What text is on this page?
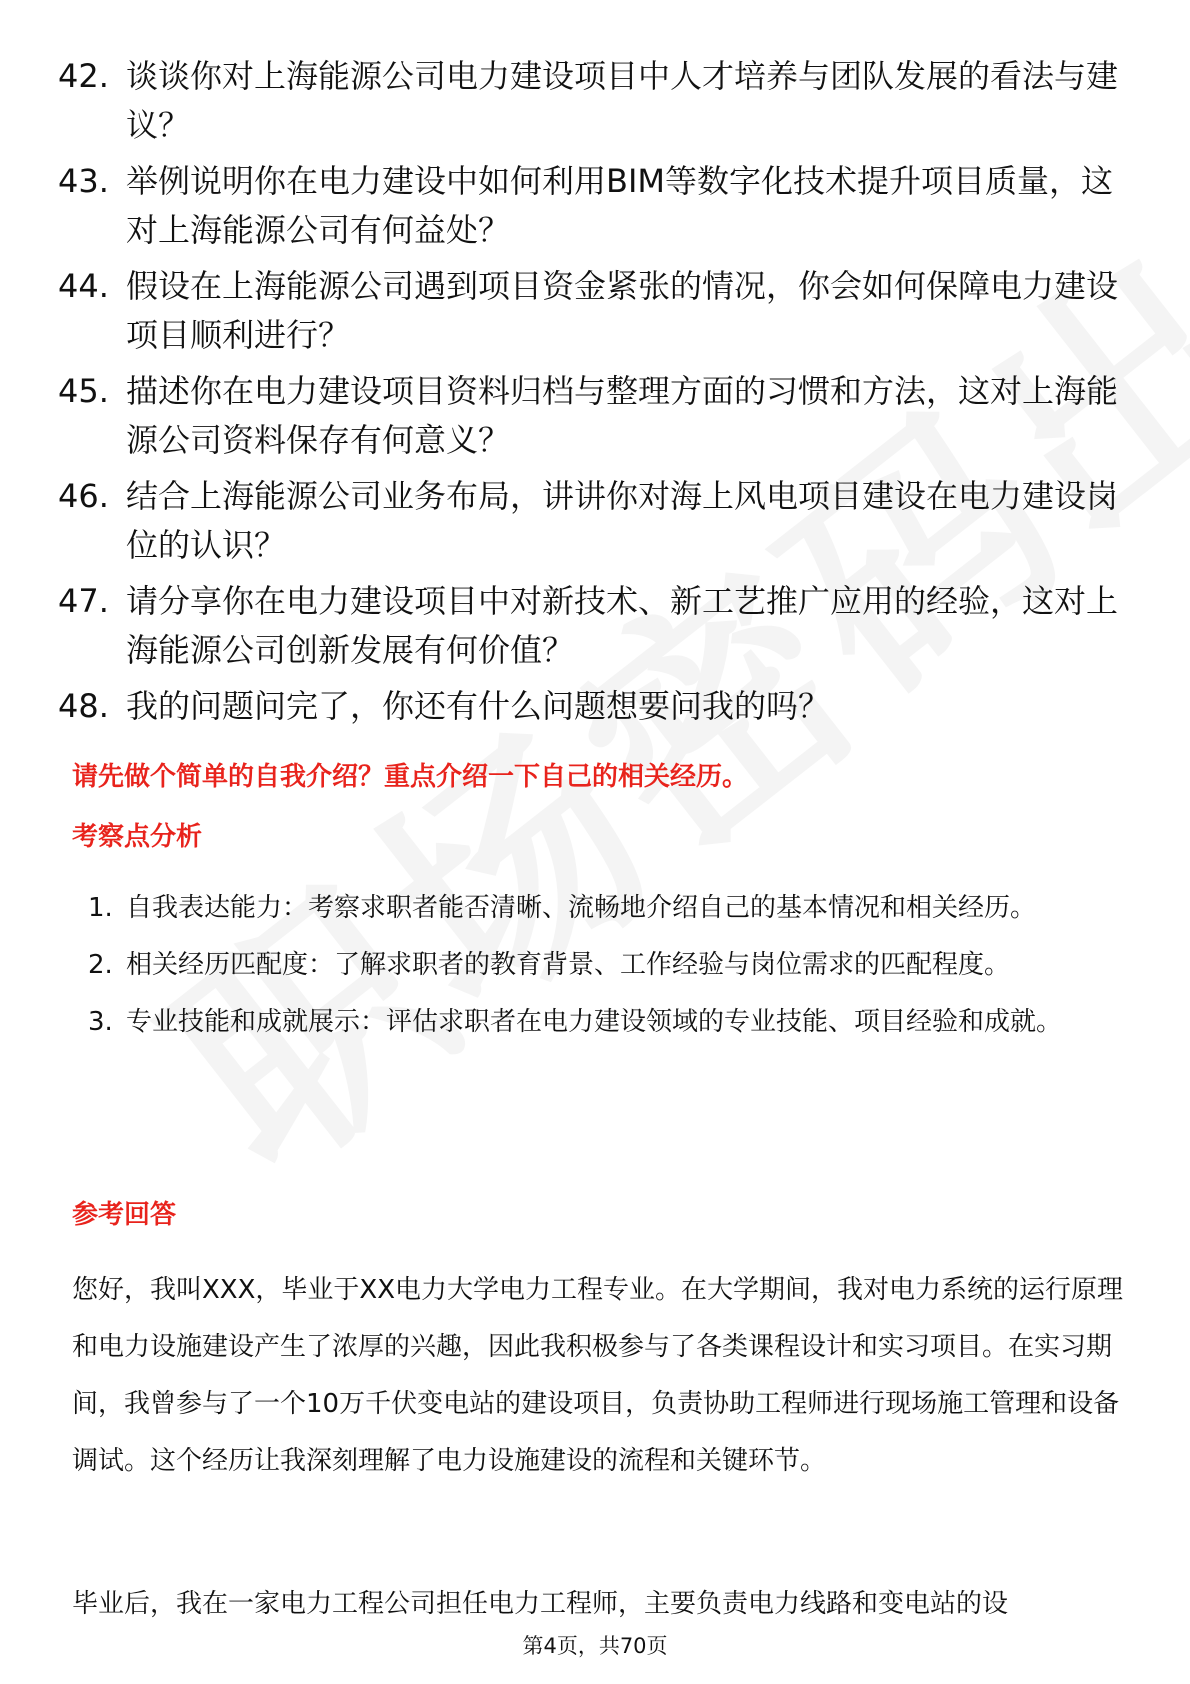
42. 谈谈你对上海能源公司电力建设项目中人才培养与团队发展的看法与建议？
43. 举例说明你在电力建设中如何利用BIM等数字化技术提升项目质量，这对上海能源公司有何益处？
44. 假设在上海能源公司遇到项目资金紧张的情况，你会如何保障电力建设项目顺利进行？
45. 描述你在电力建设项目资料归档与整理方面的习惯和方法，这对上海能源公司资料保存有何意义？
46. 结合上海能源公司业务布局，讲讲你对海上风电项目建设在电力建设岗位的认识？
47. 请分享你在电力建设项目中对新技术、新工艺推广应用的经验，这对上海能源公司创新发展有何价值？
48. 我的问题问完了，你还有什么问题想要问我的吗？
请先做个简单的自我介绍？重点介绍一下自己的相关经历。
考察点分析
1. 自我表达能力：考察求职者能否清晰、流畅地介绍自己的基本情况和相关经历。
2. 相关经历匹配度：了解求职者的教育背景、工作经验与岗位需求的匹配程度。
3. 专业技能和成就展示：评估求职者在电力建设领域的专业技能、项目经验和成就。
参考回答

您好，我叫XXX，毕业于XX电力大学电力工程专业。在大学期间，我对电力系统的运行原理和电力设施建设产生了浓厚的兴趣，因此我积极参与了各类课程设计和实习项目。在实习期间，我曾参与了一个10万千伏变电站的建设项目，负责协助工程师进行现场施工管理和设备调试。这个经历让我深刻理解了电力设施建设的流程和关键环节。

毕业后，我在一家电力工程公司担任电力工程师，主要负责电力线路和变电站的设

第4页，共70页
